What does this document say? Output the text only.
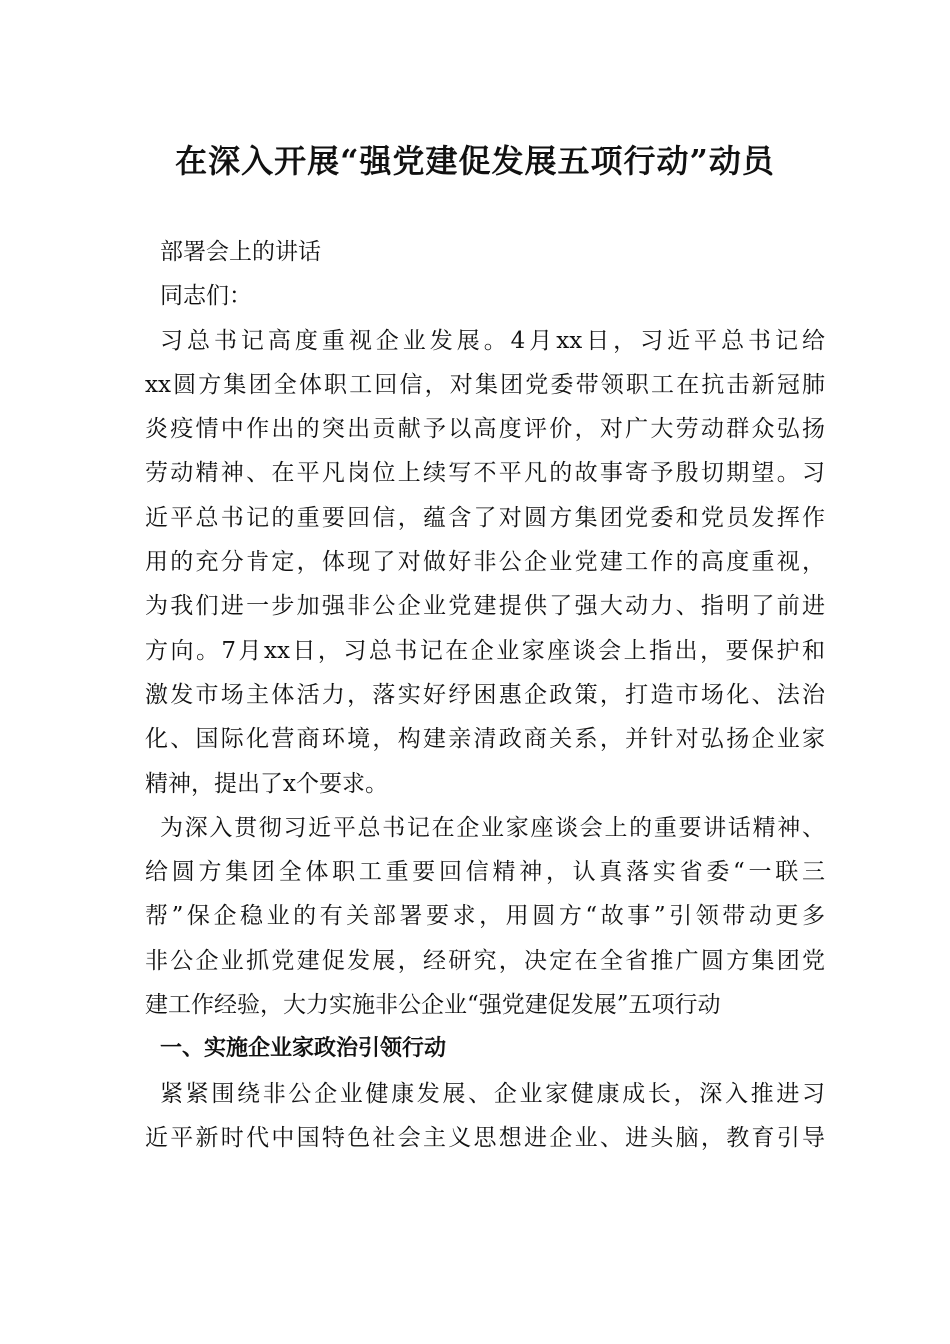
在深入开展“强党建促发展五项行动”动员
部署会上的讲话
同志们：
习总书记高度重视企业发展。4月xx日，习近平总书记给
xx圆方集团全体职工回信，对集团党委带领职工在抗击新冠肺
炎疫情中作出的突出贡献予以高度评价，对广大劳动群众弘扬
劳动精神、在平凡岗位上续写不平凡的故事寄予殷切期望。习
近平总书记的重要回信，蕴含了对圆方集团党委和党员发挥作
用的充分肯定，体现了对做好非公企业党建工作的高度重视，
为我们进一步加强非公企业党建提供了强大动力、指明了前进
方向。7月xx日，习总书记在企业家座谈会上指出，要保护和
激发市场主体活力，落实好纾困惠企政策，打造市场化、法治
化、国际化营商环境，构建亲清政商关系，并针对弘扬企业家
精神，提出了x个要求。
为深入贯彻习近平总书记在企业家座谈会上的重要讲话精神、
给圆方集团全体职工重要回信精神，认真落实省委“一联三
帮”保企稳业的有关部署要求，用圆方“故事”引领带动更多
非公企业抓党建促发展，经研究，决定在全省推广圆方集团党
建工作经验，大力实施非公企业“强党建促发展”五项行动
一、实施企业家政治引领行动
紧紧围绕非公企业健康发展、企业家健康成长，深入推进习
近平新时代中国特色社会主义思想进企业、进头脑，教育引导
